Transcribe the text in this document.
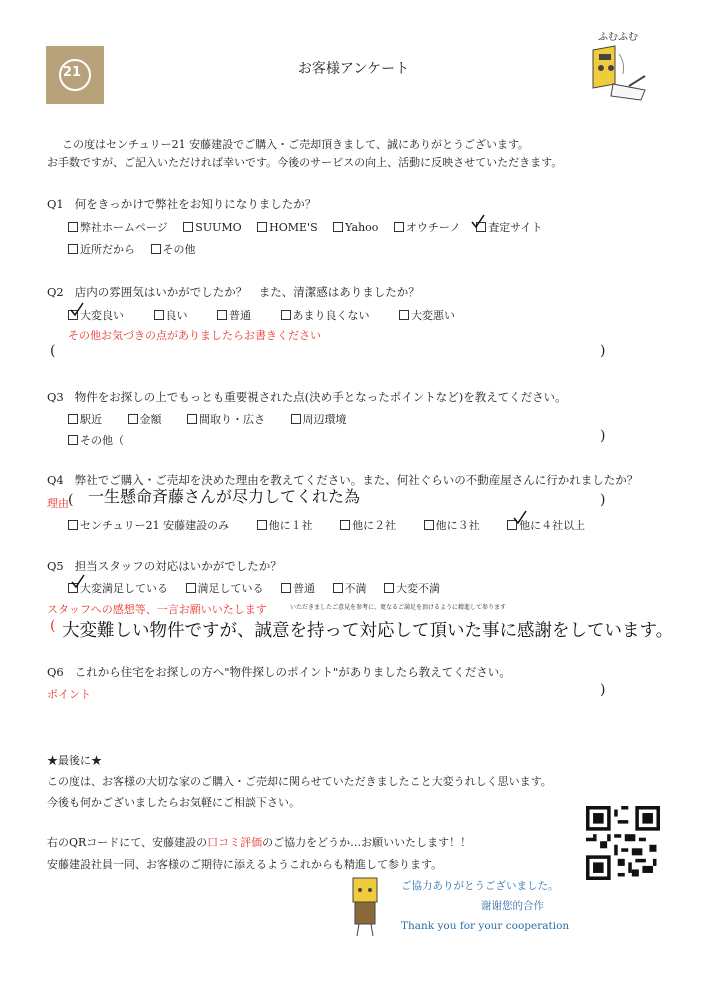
21	お客様アンケート
ふむふむ
この度はセンチュリー21 安藤建設でご購入・ご売却頂きまして、誠にありがとうございます。
お手数ですが、ご記入いただければ幸いです。今後のサービスの向上、活動に反映させていただきます。
Q1 何をきっかけで弊社をお知りになりましたか？
弊社ホームページ	SUUMO	HOME'S	Yahoo	オウチーノ	査定サイト
近所だから	その他
Q2 店内の雰囲気はいかがでしたか？　また、清潔感はありましたか？
大変良い	良い	普通	あまり良くない	大変悪い
その他お気づきの点がありましたらお書きください
(	)
Q3 物件をお探しの上でもっとも重要視された点(決め手となったポイントなど)を教えてください。
駅近	金額	間取り・広さ	周辺環境
その他（	)
Q4 弊社でご購入・ご売却を決めた理由を教えてください。また、何社ぐらいの不動産屋さんに行かれましたか？
理由 ( 一生懸命斉藤さんが尽力してくれた為	)
センチュリー21 安藤建設のみ	他に１社	他に２社	他に３社	他に４社以上
Q5 担当スタッフの対応はいかがでしたか？
大変満足している	満足している	普通	不満	大変不満
スタッフへの感想等、一言お願いいたします	いただきましたご意見を参考に、更なるご満足を頂けるように精進して参ります
( 大変難しい物件ですが、誠意を持って対応して頂いた事に感謝をしています。
Q6 これから住宅をお探しの方へ"物件探しのポイント"がありましたら教えてください。
ポイント	)
★最後に★
この度は、お客様の大切な家のご購入・ご売却に関らせていただきましたこと大変うれしく思います。
今後も何かございましたらお気軽にご相談下さい。
右のQRコードにて、安藤建設の口コミ評価のご協力をどうか…お願いいたします！！
安藤建設社員一同、お客様のご期待に添えるようこれからも精進して参ります。
ご協力ありがとうございました。
谢谢您的合作
Thank you for your cooperation
